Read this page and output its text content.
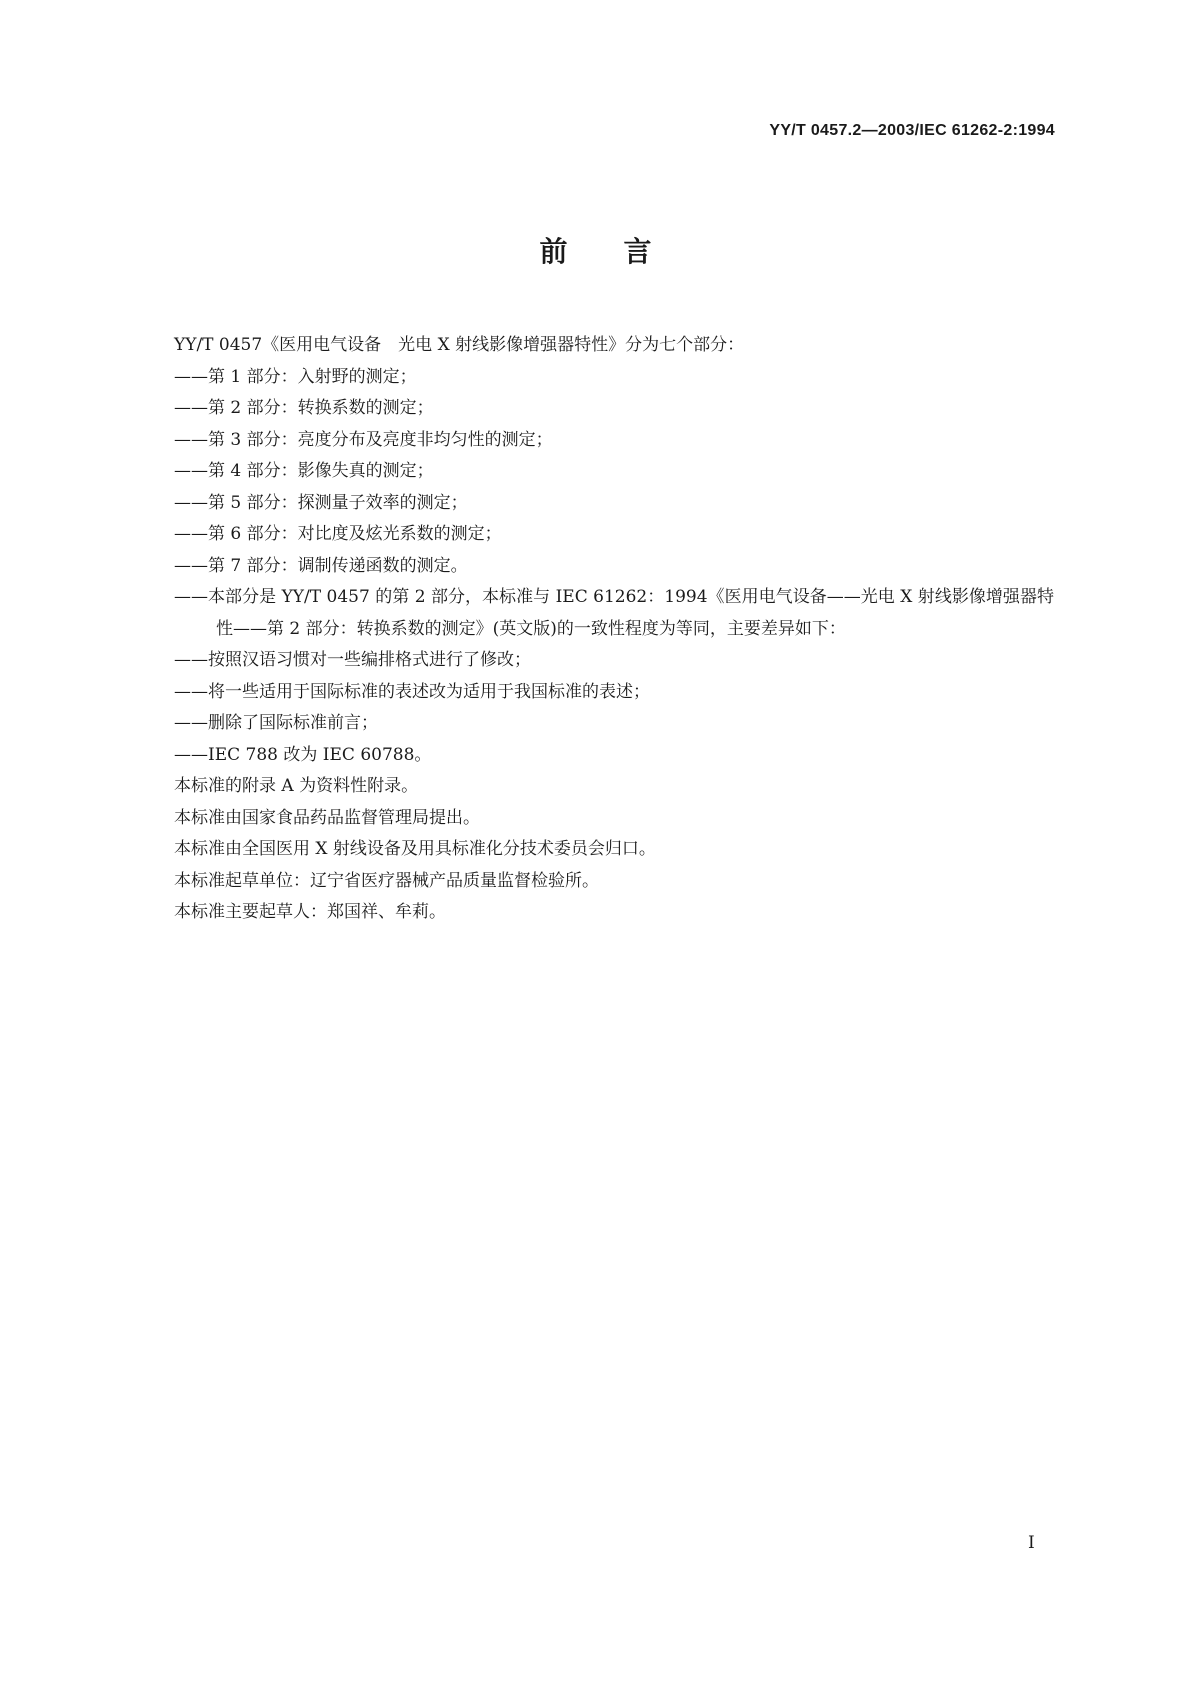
YY/T 0457.2—2003/IEC 61262-2:1994
前 言
YY/T 0457《医用电气设备　光电 X 射线影像增强器特性》分为七个部分：
——第 1 部分：入射野的测定；
——第 2 部分：转换系数的测定；
——第 3 部分：亮度分布及亮度非均匀性的测定；
——第 4 部分：影像失真的测定；
——第 5 部分：探测量子效率的测定；
——第 6 部分：对比度及炫光系数的测定；
——第 7 部分：调制传递函数的测定。
——本部分是 YY/T 0457 的第 2 部分，本标准与 IEC 61262：1994《医用电气设备——光电 X 射线影像增强器特性——第 2 部分：转换系数的测定》(英文版)的一致性程度为等同，主要差异如下：
——按照汉语习惯对一些编排格式进行了修改；
——将一些适用于国际标准的表述改为适用于我国标准的表述；
——删除了国际标准前言；
——IEC 788 改为 IEC 60788。
本标准的附录 A 为资料性附录。
本标准由国家食品药品监督管理局提出。
本标准由全国医用 X 射线设备及用具标准化分技术委员会归口。
本标准起草单位：辽宁省医疗器械产品质量监督检验所。
本标准主要起草人：郑国祥、牟莉。
I
